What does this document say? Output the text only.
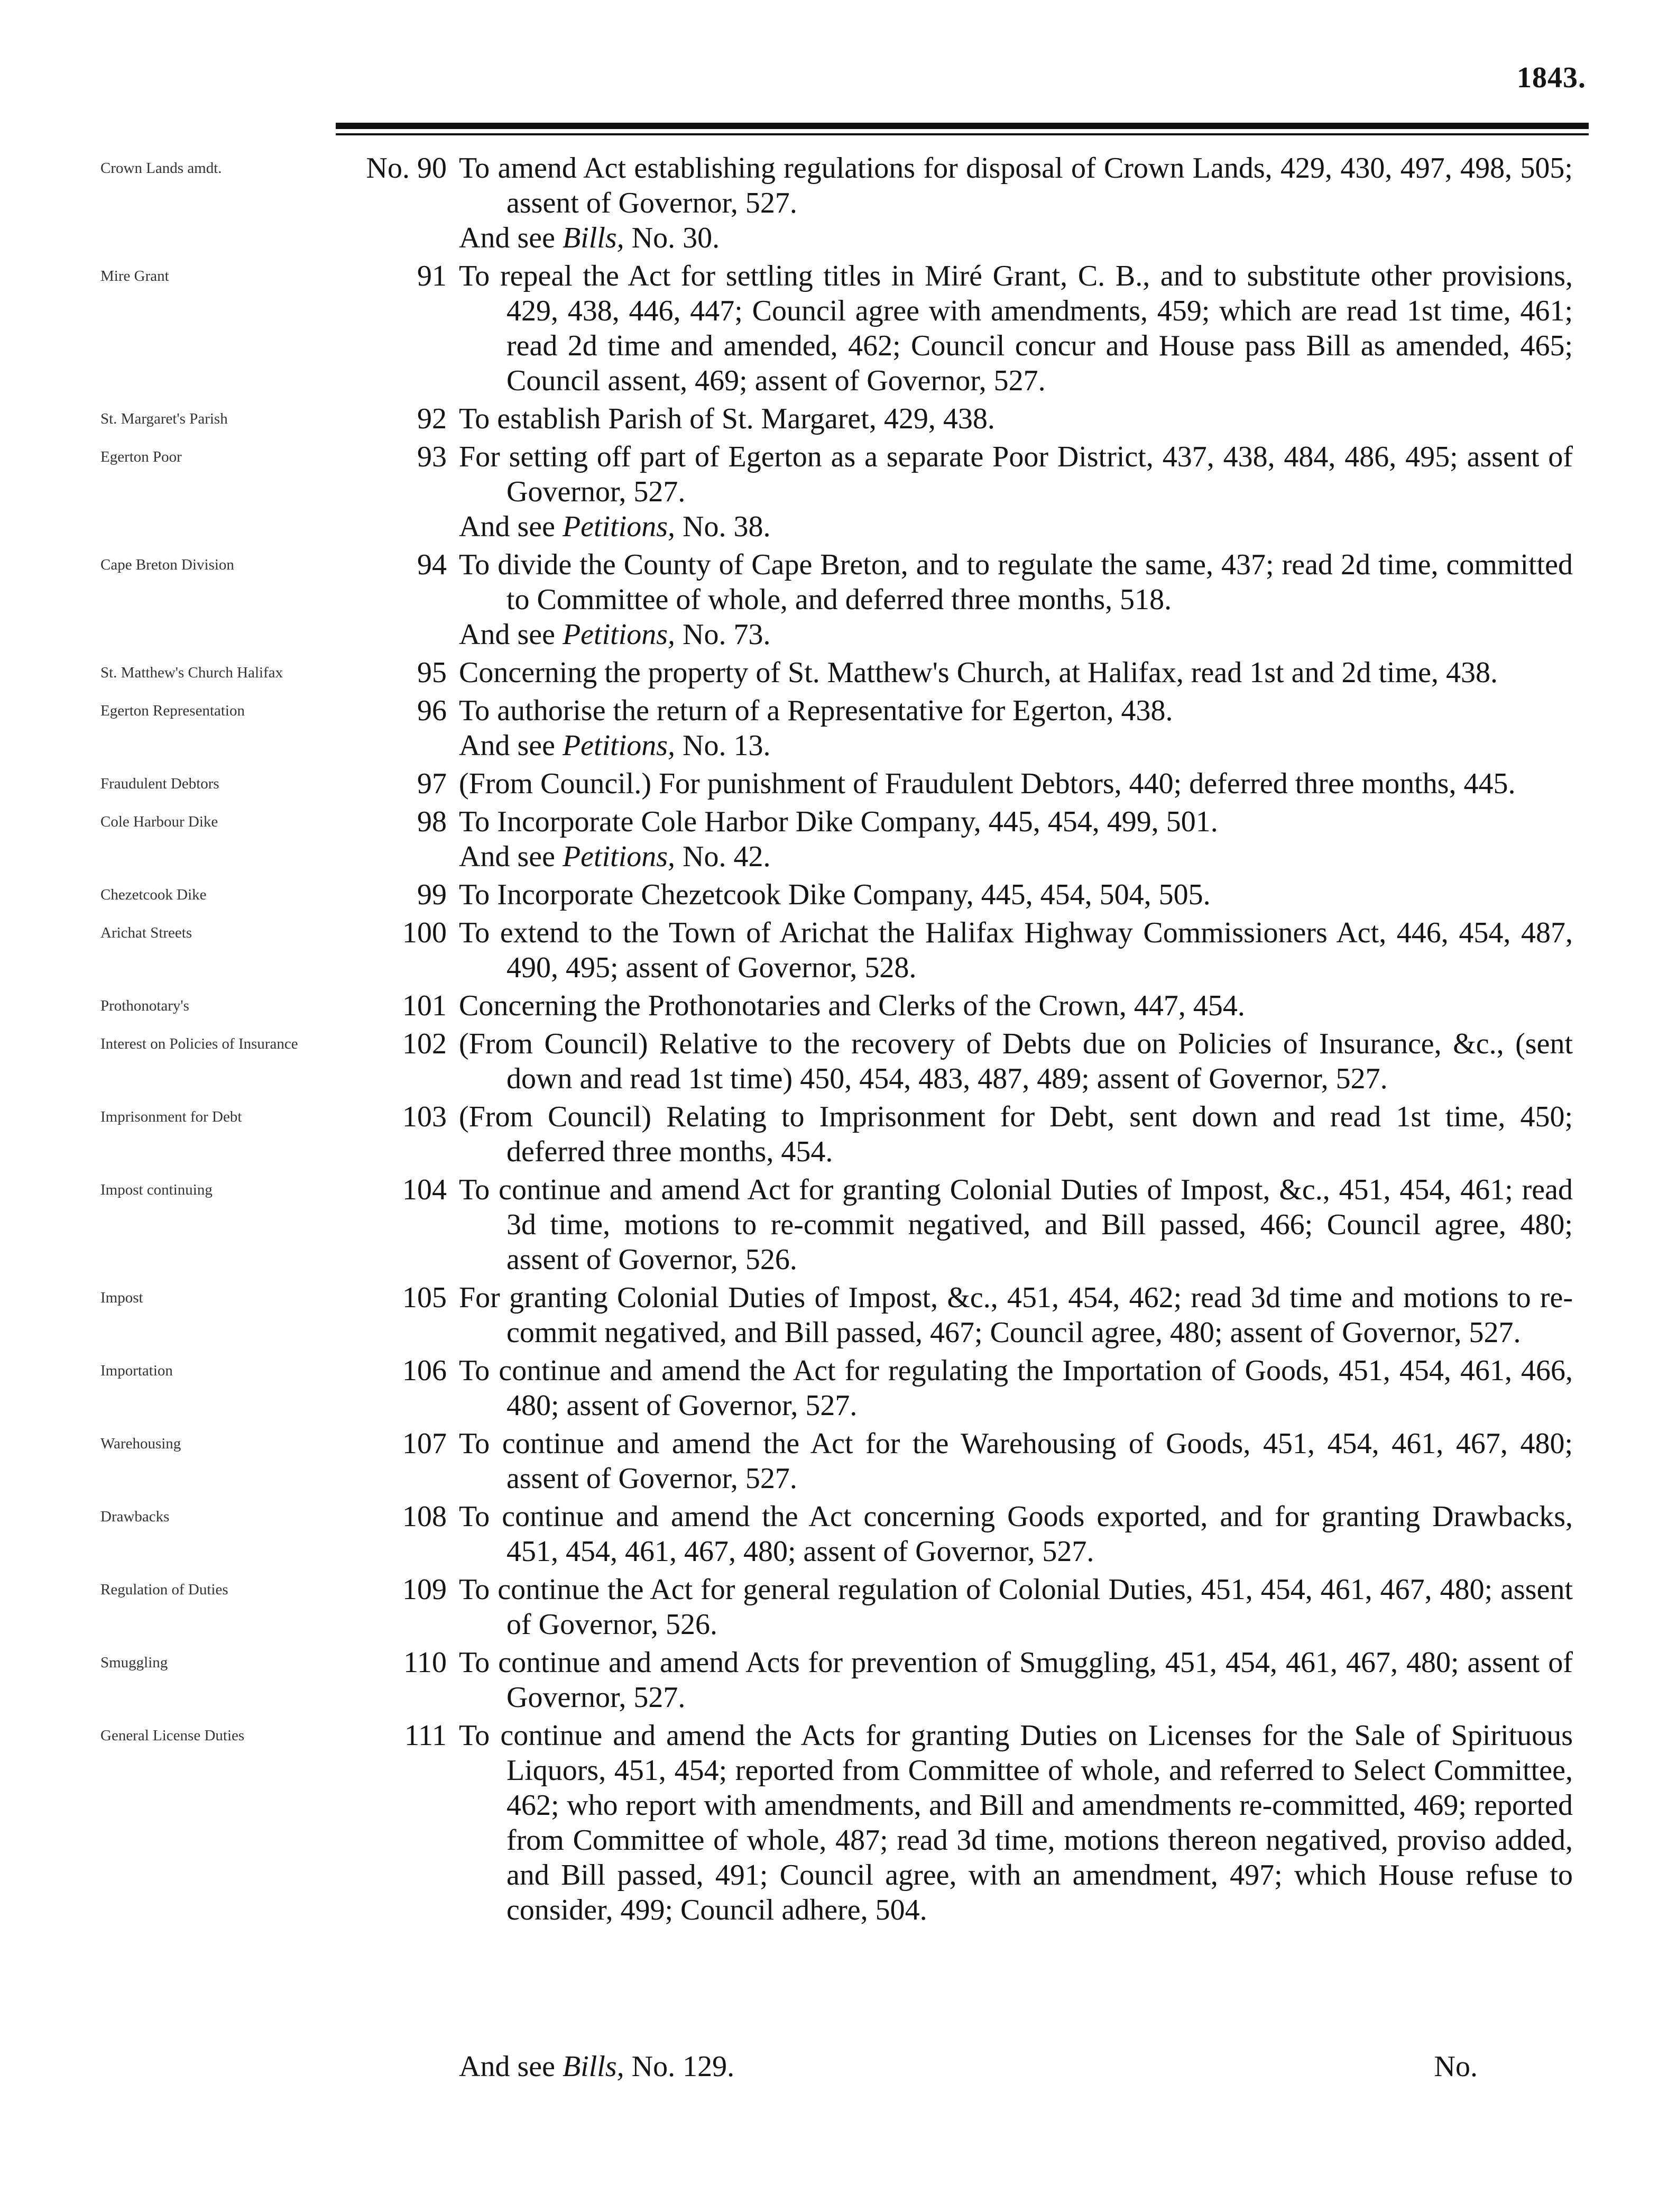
1843.
Crown Lands amdt.	No. 90 To amend Act establishing regulations for disposal of Crown Lands, 429, 430, 497, 498, 505; assent of Governor, 527.
And see Bills, No. 30.
Mire Grant	91 To repeal the Act for settling titles in Miré Grant, C. B., and to substitute other provisions, 429, 438, 446, 447; Council agree with amendments, 459; which are read 1st time, 461; read 2d time and amended, 462; Council concur and House pass Bill as amended, 465; Council assent, 469; assent of Governor, 527.
St. Margaret's Parish	92 To establish Parish of St. Margaret, 429, 438.
Egerton Poor	93 For setting off part of Egerton as a separate Poor District, 437, 438, 484, 486, 495; assent of Governor, 527.
And see Petitions, No. 38.
Cape Breton Division	94 To divide the County of Cape Breton, and to regulate the same, 437; read 2d time, committed to Committee of whole, and deferred three months, 518.
And see Petitions, No. 73.
St. Matthew's Church Halifax	95 Concerning the property of St. Matthew's Church, at Halifax, read 1st and 2d time, 438.
Egerton Representation	96 To authorise the return of a Representative for Egerton, 438.
And see Petitions, No. 13.
Fraudulent Debtors	97 (From Council.) For punishment of Fraudulent Debtors, 440; deferred three months, 445.
Cole Harbour Dike	98 To Incorporate Cole Harbor Dike Company, 445, 454, 499, 501.
And see Petitions, No. 42.
Chezetcook Dike	99 To Incorporate Chezetcook Dike Company, 445, 454, 504, 505.
Arichat Streets	100 To extend to the Town of Arichat the Halifax Highway Commissioners Act, 446, 454, 487, 490, 495; assent of Governor, 528.
Prothonotary's	101 Concerning the Prothonotaries and Clerks of the Crown, 447, 454.
Interest on Policies of Insurance	102 (From Council) Relative to the recovery of Debts due on Policies of Insurance, &c., (sent down and read 1st time) 450, 454, 483, 487, 489; assent of Governor, 527.
Imprisonment for Debt	103 (From Council) Relating to Imprisonment for Debt, sent down and read 1st time, 450; deferred three months, 454.
Impost continuing	104 To continue and amend Act for granting Colonial Duties of Impost, &c., 451, 454, 461; read 3d time, motions to re-commit negatived, and Bill passed, 466; Council agree, 480; assent of Governor, 526.
Impost	105 For granting Colonial Duties of Impost, &c., 451, 454, 462; read 3d time and motions to re-commit negatived, and Bill passed, 467; Council agree, 480; assent of Governor, 527.
Importation	106 To continue and amend the Act for regulating the Importation of Goods, 451, 454, 461, 466, 480; assent of Governor, 527.
Warehousing	107 To continue and amend the Act for the Warehousing of Goods, 451, 454, 461, 467, 480; assent of Governor, 527.
Drawbacks	108 To continue and amend the Act concerning Goods exported, and for granting Drawbacks, 451, 454, 461, 467, 480; assent of Governor, 527.
Regulation of Duties	109 To continue the Act for general regulation of Colonial Duties, 451, 454, 461, 467, 480; assent of Governor, 526.
Smuggling	110 To continue and amend Acts for prevention of Smuggling, 451, 454, 461, 467, 480; assent of Governor, 527.
General License Duties	111 To continue and amend the Acts for granting Duties on Licenses for the Sale of Spirituous Liquors, 451, 454; reported from Committee of whole, and referred to Select Committee, 462; who report with amendments, and Bill and amendments re-committed, 469; reported from Committee of whole, 487; read 3d time, motions thereon negatived, proviso added, and Bill passed, 491; Council agree, with an amendment, 497; which House refuse to consider, 499; Council adhere, 504.
And see Bills, No. 129.	No.
